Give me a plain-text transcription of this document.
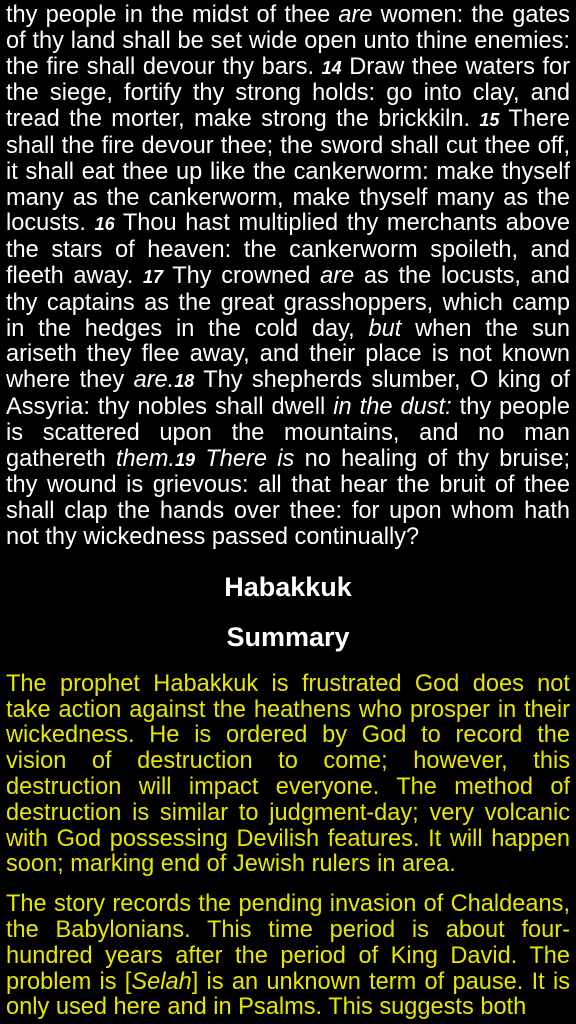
thy people in the midst of thee are women: the gates of thy land shall be set wide open unto thine enemies: the fire shall devour thy bars. 14 Draw thee waters for the siege, fortify thy strong holds: go into clay, and tread the morter, make strong the brickkiln. 15 There shall the fire devour thee; the sword shall cut thee off, it shall eat thee up like the cankerworm: make thyself many as the cankerworm, make thyself many as the locusts. 16 Thou hast multiplied thy merchants above the stars of heaven: the cankerworm spoileth, and fleeth away. 17 Thy crowned are as the locusts, and thy captains as the great grasshoppers, which camp in the hedges in the cold day, but when the sun ariseth they flee away, and their place is not known where they are.18 Thy shepherds slumber, O king of Assyria: thy nobles shall dwell in the dust: thy people is scattered upon the mountains, and no man gathereth them.19 There is no healing of thy bruise; thy wound is grievous: all that hear the bruit of thee shall clap the hands over thee: for upon whom hath not thy wickedness passed continually?

Habakkuk
Summary

The prophet Habakkuk is frustrated God does not take action against the heathens who prosper in their wickedness. He is ordered by God to record the vision of destruction to come; however, this destruction will impact everyone. The method of destruction is similar to judgment-day; very volcanic with God possessing Devilish features. It will happen soon; marking end of Jewish rulers in area.

The story records the pending invasion of Chaldeans, the Babylonians. This time period is about four-hundred years after the period of King David. The problem is [Selah] is an unknown term of pause. It is only used here and in Psalms. This suggests both
